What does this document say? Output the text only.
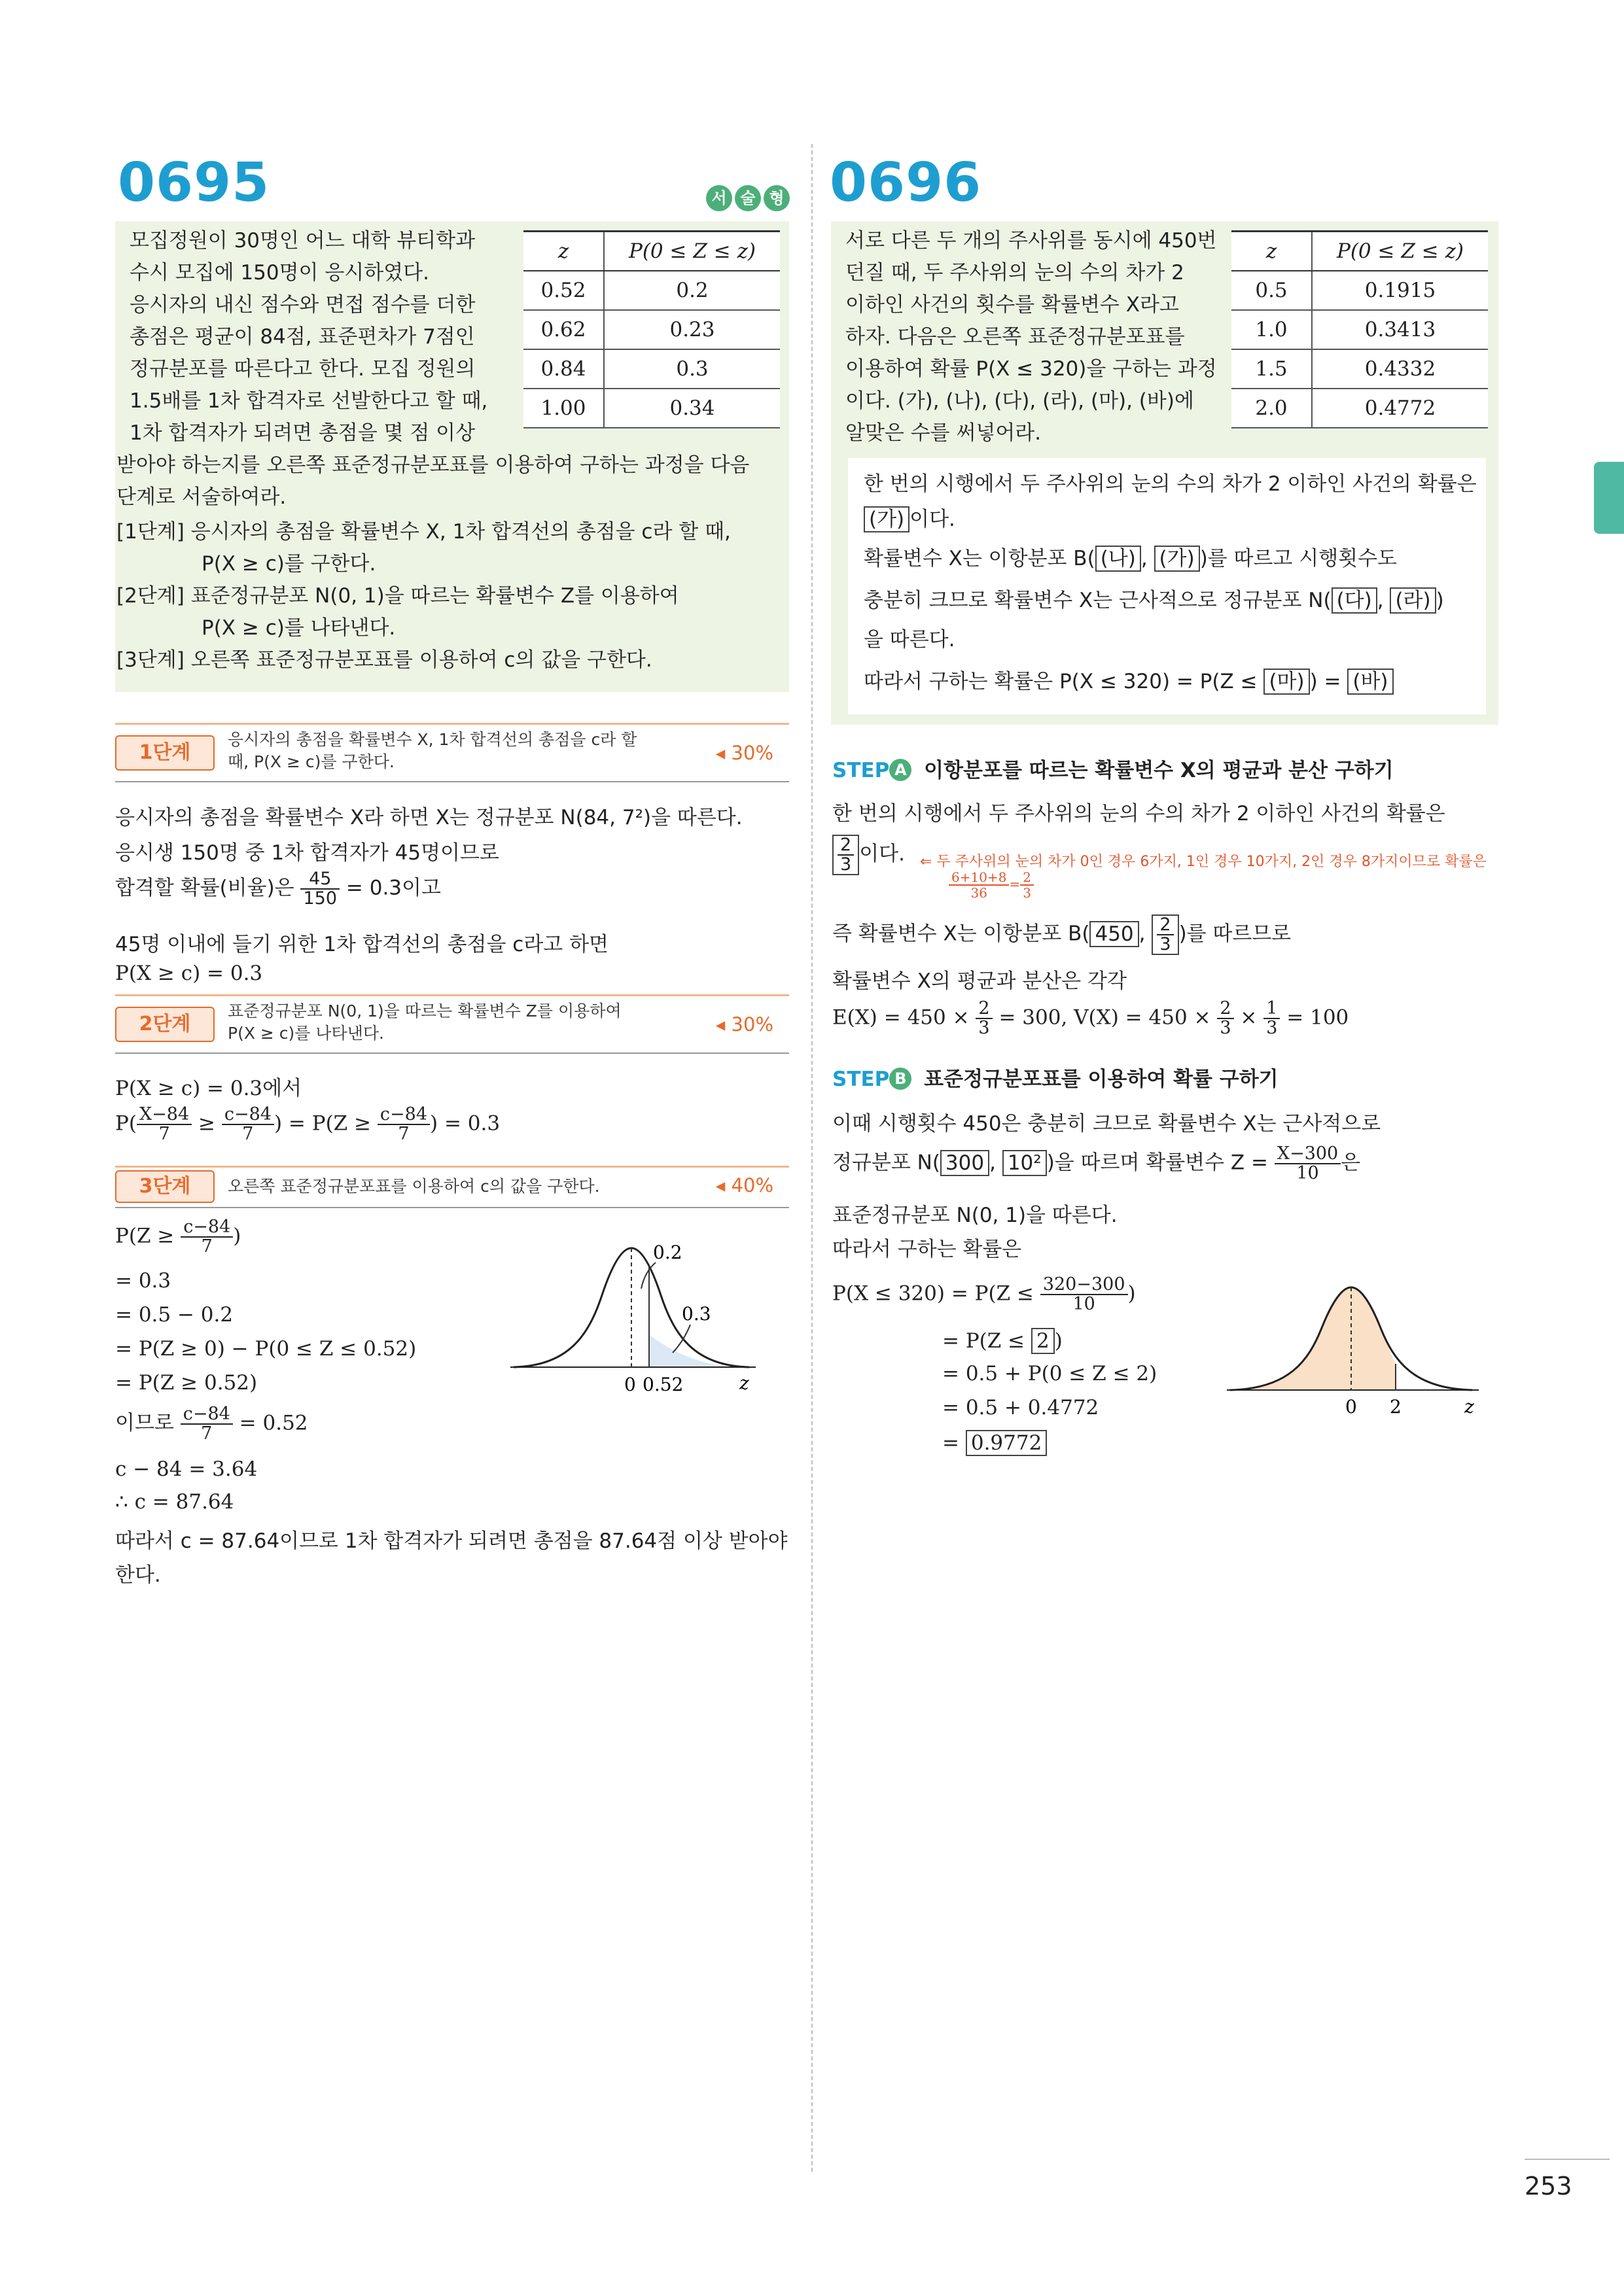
0695	서 술 형
모집정원이 30명인 어느 대학 뷰티학과
수시 모집에 150명이 응시하였다.
응시자의 내신 점수와 면접 점수를 더한
총점은 평균이 84점, 표준편차가 7점인
정규분포를 따른다고 한다. 모집 정원의
1.5배를 1차 합격자로 선발한다고 할 때,
1차 합격자가 되려면 총점을 몇 점 이상
받아야 하는지를 오른쪽 표준정규분포표를 이용하여 구하는 과정을 다음
단계로 서술하여라.
[1단계] 응시자의 총점을 확률변수 X, 1차 합격선의 총점을 c라 할 때,
P(X ≥ c)를 구한다.
[2단계] 표준정규분포 N(0, 1)을 따르는 확률변수 Z를 이용하여
P(X ≥ c)를 나타낸다.
[3단계] 오른쪽 표준정규분포표를 이용하여 c의 값을 구한다.
z	P(0 ≤ Z ≤ z)
0.52	0.2
0.62	0.23
0.84	0.3
1.00	0.34
1단계
응시자의 총점을 확률변수 X, 1차 합격선의 총점을 c라 할
때, P(X ≥ c)를 구한다.	◂ 30%
응시자의 총점을 확률변수 X라 하면 X는 정규분포 N(84, 7²)을 따른다.
응시생 150명 중 1차 합격자가 45명이므로
합격할 확률(비율)은 $\frac{45}{150} = 0.3$이고
45명 이내에 들기 위한 1차 합격선의 총점을 c라고 하면
P(X ≥ c) = 0.3
2단계
표준정규분포 N(0, 1)을 따르는 확률변수 Z를 이용하여
P(X ≥ c)를 나타낸다.	◂ 30%
P(X ≥ c) = 0.3에서
$P( \frac{X-84}{7} \ge \frac{c-84}{7}$ ) = $P(Z \ge \frac{c-84}{7}$ ) = 0.3
3단계	오른쪽 표준정규분포표를 이용하여 c의 값을 구한다.	◂ 40%
$P(Z \ge \frac{c-84}{7}$ )
= 0.3
= 0.5 − 0.2
= P(Z ≥ 0) − P(0 ≤ Z ≤ 0.52)
= P(Z ≥ 0.52)
이므로 $\frac{c-84}{7} = 0.52$
c − 84 = 3.64
∴ c = 87.64
따라서 c = 87.64이므로 1차 합격자가 되려면 총점을 87.64점 이상 받아야
한다.
0.2
0.3
0 0.52	z
0696
서로 다른 두 개의 주사위를 동시에 450번
던질 때, 두 주사위의 눈의 수의 차가 2
이하인 사건의 횟수를 확률변수 X라고
하자. 다음은 오른쪽 표준정규분포표를
이용하여 확률 P(X ≤ 320)을 구하는 과정
이다. (가), (나), (다), (라), (마), (바)에
알맞은 수를 써넣어라.
z	P(0 ≤ Z ≤ z)
0.5	0.1915
1.0	0.3413
1.5	0.4332
2.0	0.4772
한 번의 시행에서 두 주사위의 눈의 수의 차가 2 이하인 사건의 확률은
(가) 이다.
확률변수 X는 이항분포 B( (나) , (가) )를 따르고 시행횟수도
충분히 크므로 확률변수 X는 근사적으로 정규분포 N( (다) , (라) )
을 따른다.
따라서 구하는 확률은 P(X ≤ 320) = P(Z ≤ (마) ) = (바)
STEP A 이항분포를 따르는 확률변수 X의 평균과 분산 구하기
한 번의 시행에서 두 주사위의 눈의 수의 차가 2 이하인 사건의 확률은
$\frac{2}{3}$ 이다. ⇐ 두 주사위의 눈의 차가 0인 경우 6가지, 1인 경우 10가지, 2인 경우 8가지이므로 확률은
$\frac{6+10+8}{36} = \frac{2}{3}$
즉 확률변수 X는 이항분포 B( 450 , $\frac{2}{3}$ )를 따르므로
확률변수 X의 평균과 분산은 각각
$E(X) = 450 \times \frac{2}{3} = 300$, $V(X) = 450 \times \frac{2}{3} \times \frac{1}{3} = 100$
STEP B 표준정규분포표를 이용하여 확률 구하기
이때 시행횟수 450은 충분히 크므로 확률변수 X는 근사적으로
정규분포 N( 300 , 10² )을 따르며 확률변수 $Z = \frac{X-300}{10}$ 은
표준정규분포 N(0, 1)을 따른다.
따라서 구하는 확률은
$P(X \le 320) = P(Z \le \frac{320-300}{10}$ )
= P(Z ≤ 2 )
= 0.5 + P(0 ≤ Z ≤ 2)
= 0.5 + 0.4772
= 0.9772
0 2	z
253
